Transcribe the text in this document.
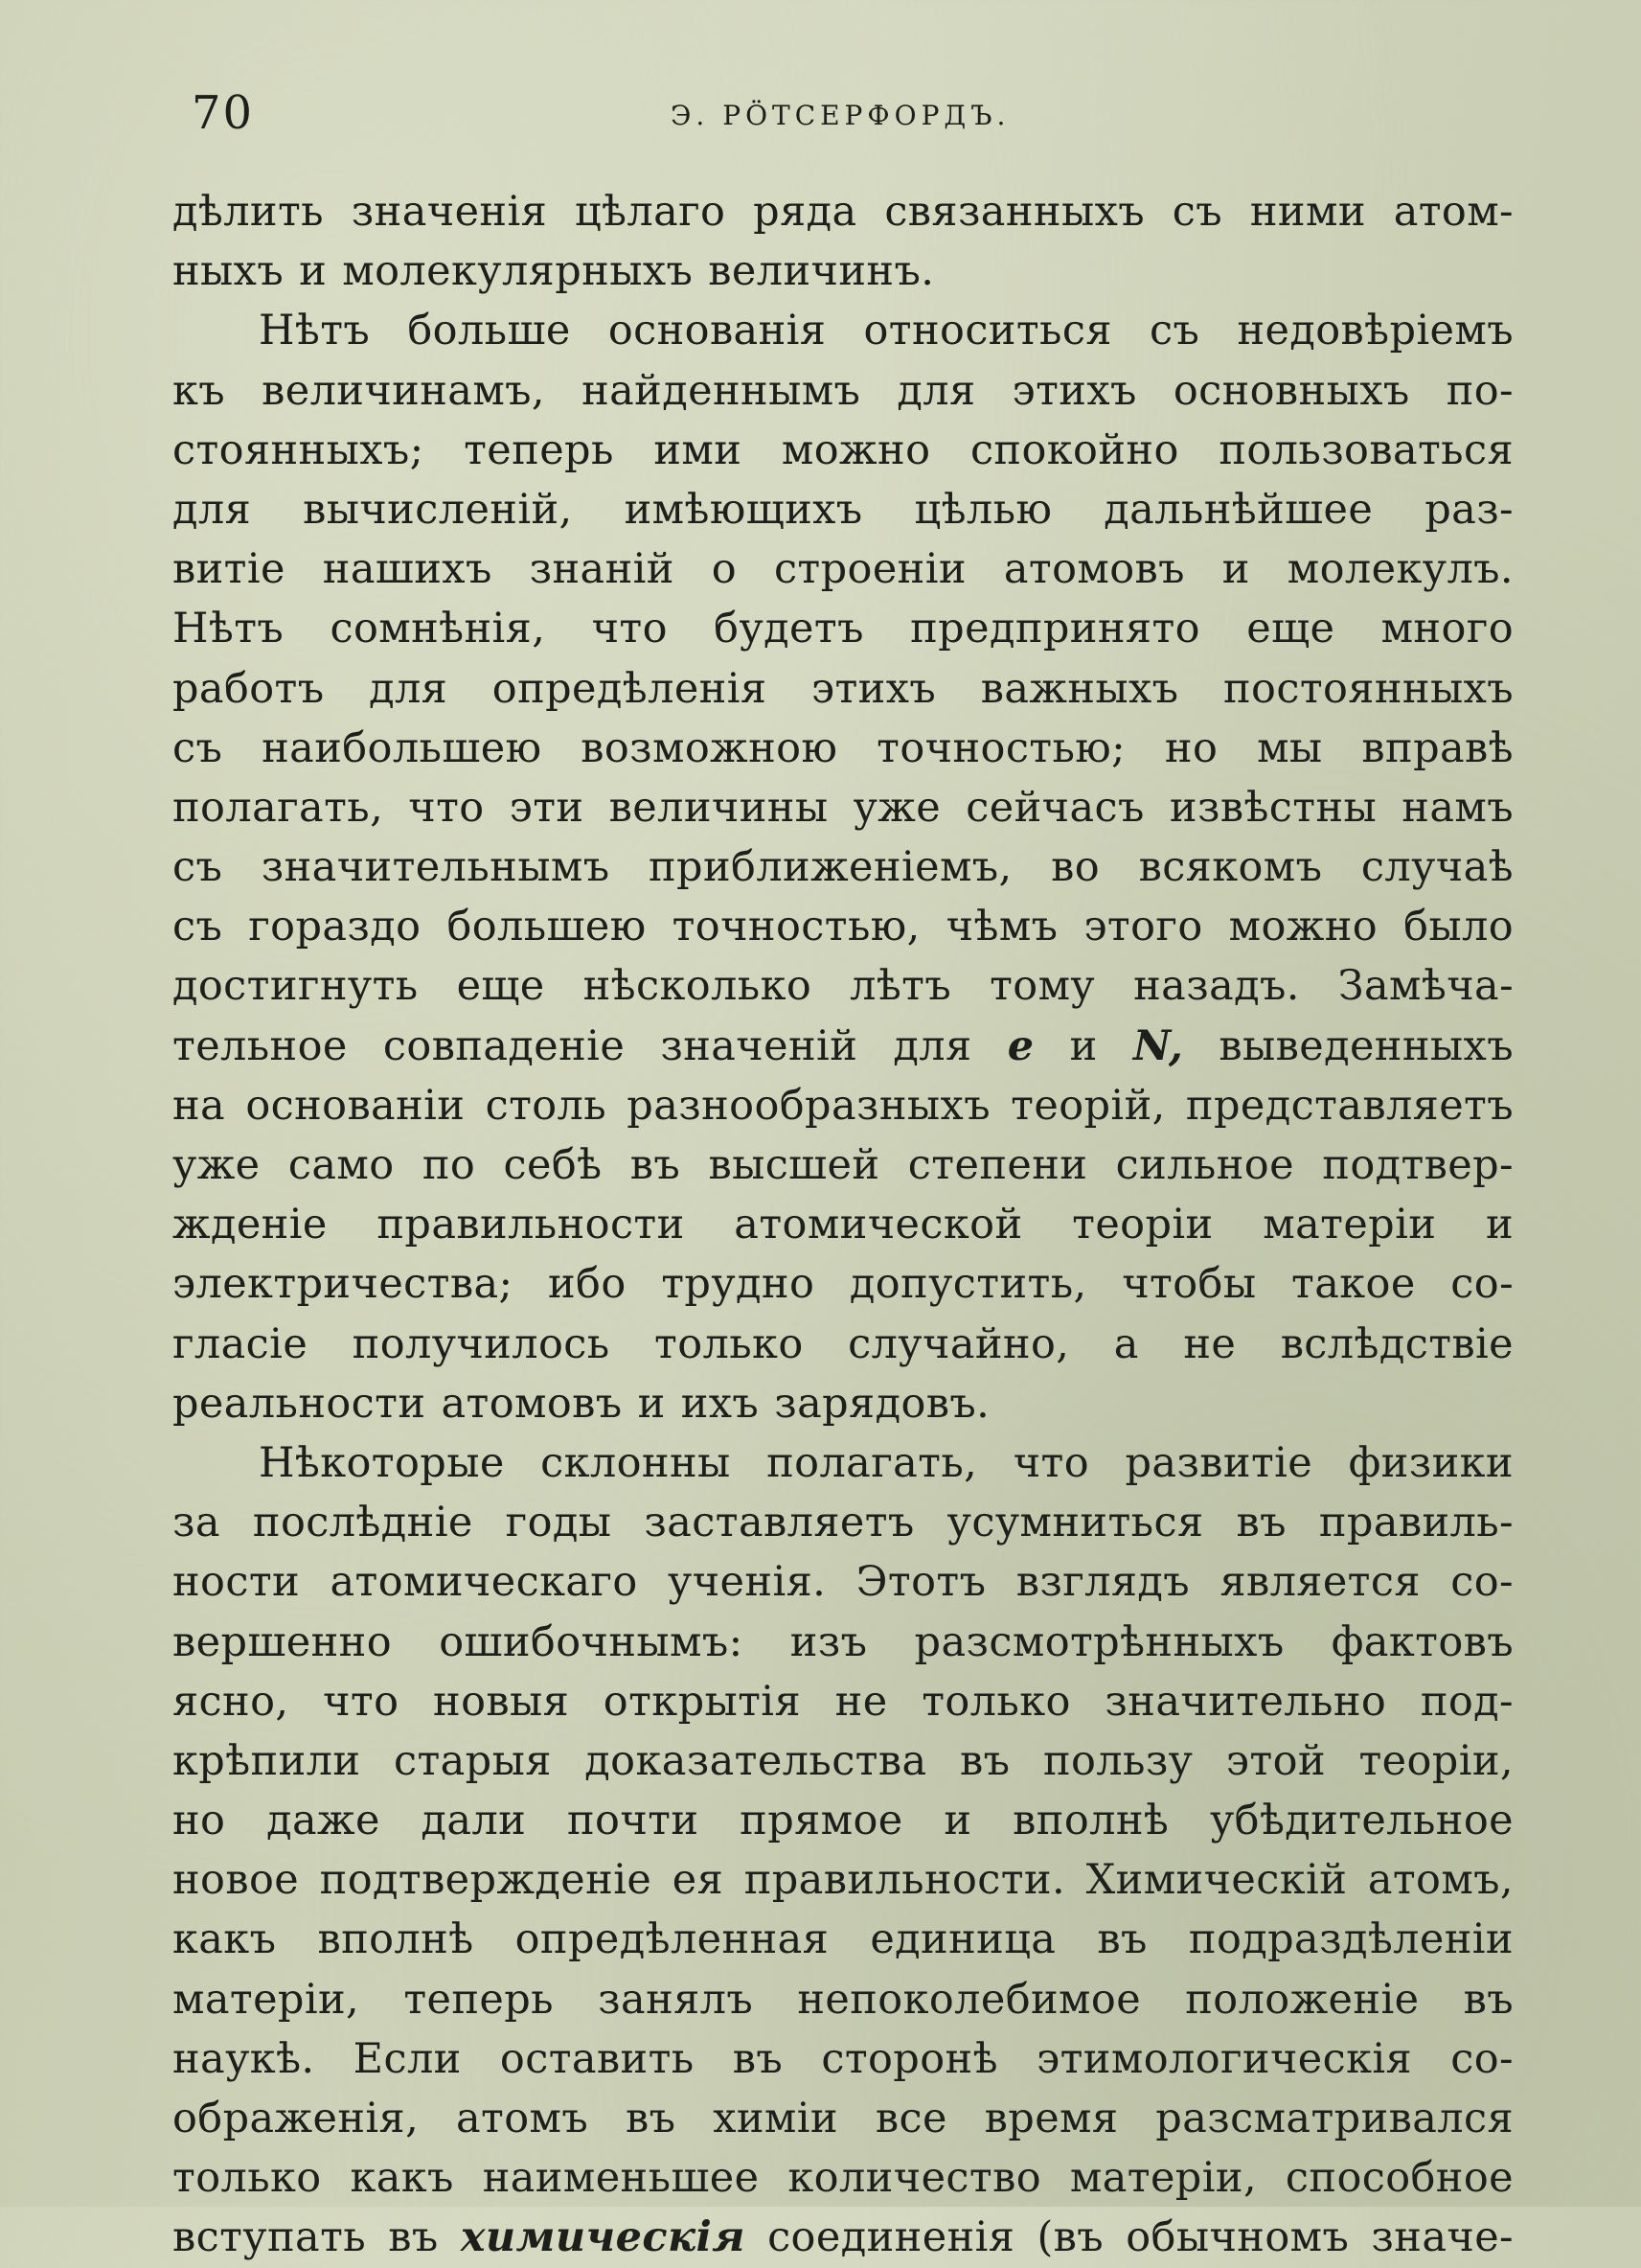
70	Э. РӦТСЕРФОРДЪ.
дѣлить значенія цѣлаго ряда связанныхъ съ ними атом-
ныхъ и молекулярныхъ величинъ.
Нѣтъ больше основанія относиться съ недовѣріемъ
къ величинамъ, найденнымъ для этихъ основныхъ по-
стоянныхъ; теперь ими можно спокойно пользоваться
для вычисленій, имѣющихъ цѣлью дальнѣйшее раз-
витіе нашихъ знаній о строеніи атомовъ и молекулъ.
Нѣтъ сомнѣнія, что будетъ предпринято еще много
работъ для опредѣленія этихъ важныхъ постоянныхъ
съ наибольшею возможною точностью; но мы вправѣ
полагать, что эти величины уже сейчасъ извѣстны намъ
съ значительнымъ приближеніемъ, во всякомъ случаѣ
съ гораздо большею точностью, чѣмъ этого можно было
достигнуть еще нѣсколько лѣтъ тому назадъ. Замѣча-
тельное совпаденіе значеній для e и N, выведенныхъ
на основаніи столь разнообразныхъ теорій, представляетъ
уже само по себѣ въ высшей степени сильное подтвер-
жденіе правильности атомической теоріи матеріи и
электричества; ибо трудно допустить, чтобы такое со-
гласіе получилось только случайно, а не вслѣдствіе
реальности атомовъ и ихъ зарядовъ.
Нѣкоторые склонны полагать, что развитіе физики
за послѣдніе годы заставляетъ усумниться въ правиль-
ности атомическаго ученія. Этотъ взглядъ является со-
вершенно ошибочнымъ: изъ разсмотрѣнныхъ фактовъ
ясно, что новыя открытія не только значительно под-
крѣпили старыя доказательства въ пользу этой теоріи,
но даже дали почти прямое и вполнѣ убѣдительное
новое подтвержденіе ея правильности. Химическій атомъ,
какъ вполнѣ опредѣленная единица въ подраздѣленіи
матеріи, теперь занялъ непоколебимое положеніе въ
наукѣ. Если оставить въ сторонѣ этимологическія со-
ображенія, атомъ въ химіи все время разсматривался
только какъ наименьшее количество матеріи, способное
вступать въ химическія соединенія (въ обычномъ значе-
